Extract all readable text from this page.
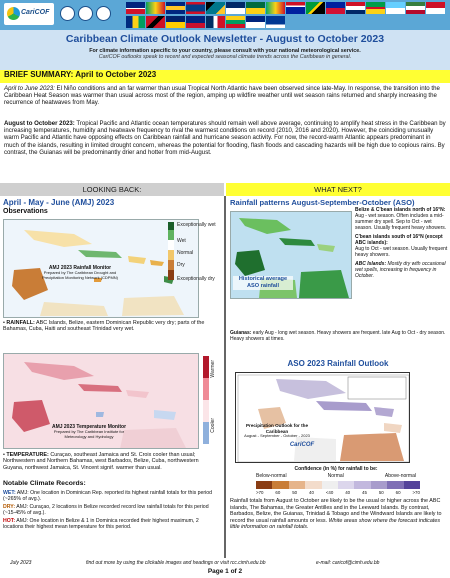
CariCOF
Caribbean Climate Outlook Newsletter - August to October 2023
For climate information specific to your country, please consult with your national meteorological service.
CariCOF outlooks speak to recent and expected seasonal climate trends across the Caribbean in general.
BRIEF SUMMARY: April to October 2023
April to June 2023: El Niño conditions and an far warmer than usual Tropical North Atlantic have been observed since late-May. In response, the transition into the Caribbean Heat Season was warmer than usual across most of the region, amping up wildfire weather until wet season rains returned and sharply increasing the recurrence of heatwaves from May.
August to October 2023: Tropical Pacific and Atlantic ocean temperatures should remain well above average, continuing to amplify heat stress in the Caribbean by increasing temperatures, humidity and heatwave frequency to rival the warmest conditions on record (2010, 2016 and 2020). However, the coinciding unusually warm Pacific and Atlantic have opposing effects on Caribbean rainfall and hurricane season activity. For now, the record-warm Atlantic appears predominant in much of the islands, resulting in limited drought concern, whereas the potential for flooding, flash floods and cascading hazards will be high due to copious rains. By contrast, the Guianas will be predominantly drier and hotter from mid-August.
LOOKING BACK:	WHAT NEXT?
April - May - June (AMJ) 2023
Observations
AMJ 2023 Rainfall Monitor
Prepared by The Caribbean Drought and Precipitation Monitoring Network (CDPMN)
Exceptionally wet
Wet
Normal
Dry
Exceptionally dry
• RAINFALL: ABC Islands, Belize, eastern Dominican Republic very dry; parts of the Bahamas, Cuba, Haiti and southeast Trinidad very wet.
AMJ 2023 Temperature Monitor
Prepared by The Caribbean Institute for Meteorology and Hydrology
Warmer
Cooler
• TEMPERATURE: Curaçao, southeast Jamaica and St. Croix cooler than usual; Northwestern and Northern Bahamas, west Barbados, Belize, Cuba, northwestern Guyana, northwest Jamaica, St. Vincent signif. warmer than usual.
Notable Climate Records:
WET: AMJ: One location in Dominican Rep. reported its highest rainfall totals for this period (~265% of avg.).
DRY: AMJ: Curaçao, 2 locations in Belize recorded record low rainfall totals for this period (~15-45% of avg.).
HOT: AMJ: One location in Belize & 1 in Dominica recorded their highest maximum, 2 locations their highest mean temperature for this period.
Rainfall patterns August-September-October (ASO)
Historical average ASO rainfall
Belize & C'bean islands north of 16°N:
Aug - wet season. Often includes a mid-summer dry spell. Sep to Oct - wet season. Usually frequent heavy showers.
C'bean islands south of 16°N (except ABC islands):
Aug to Oct - wet season. Usually frequent heavy showers.
ABC Islands: Mostly dry with occasional wet spells, increasing in frequency in October.
Guianas: early Aug - long wet season. Heavy showers are frequent. late Aug to Oct - dry season. Heavy showers at times.
ASO 2023 Rainfall Outlook
Precipitation Outlook for the Caribbean
August - September - October - 2023
CariCOF
Confidence (in %) for rainfall to be:
Below-normal	Normal	Above-normal
>70	60	50	40	<40	40	45	50	60	>70
Rainfall totals from August to October are likely to be the usual or higher across the ABC islands, The Bahamas, the Greater Antilles and in the Leeward Islands. By contrast, Barbados, Belize, the Guianas, Trinidad & Tobago and the Windward Islands are likely to record the usual rainfall amounts or less. White areas show where the forecast indicates little information on rainfall totals.
July 2023	find out more by using the clickable images and headings or visit rcc.cimh.edu.bb	e-mail: caricof@cimh.edu.bb
Page 1 of 2
